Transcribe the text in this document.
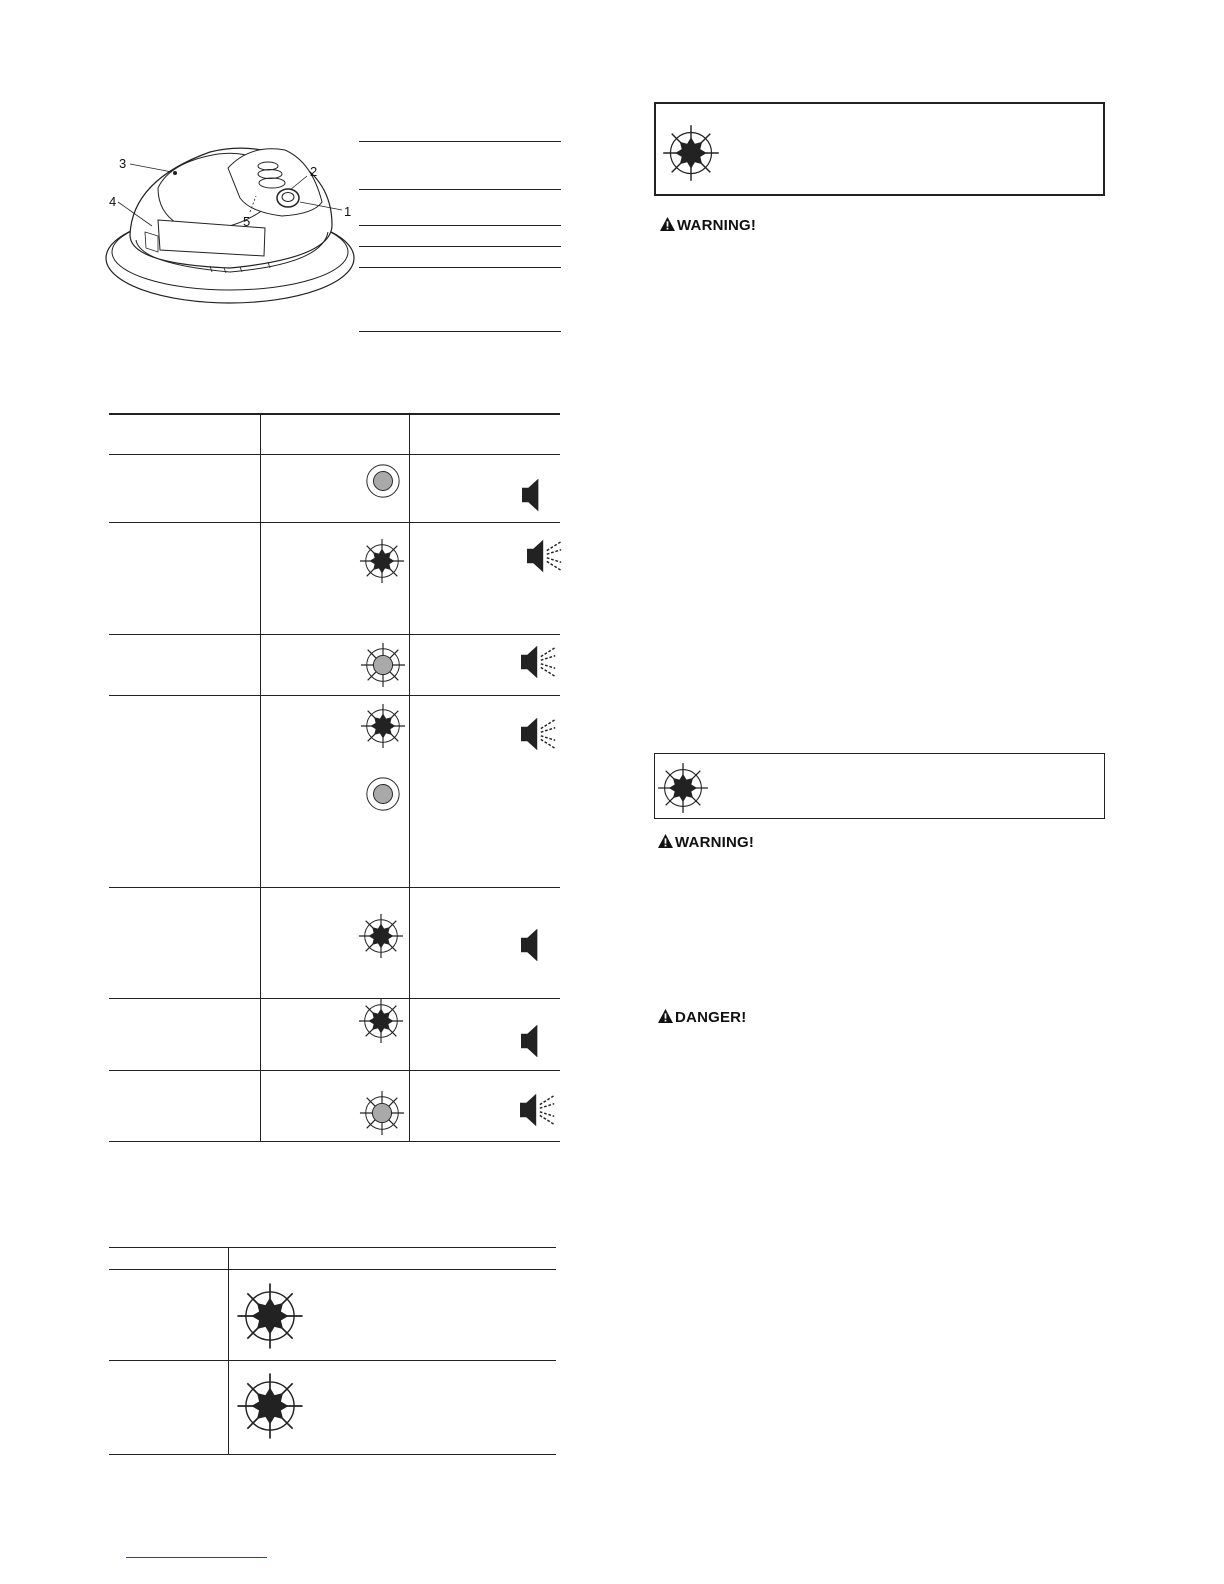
3
2
4
1
5	WARNING!
WARNING!
DANGER!
